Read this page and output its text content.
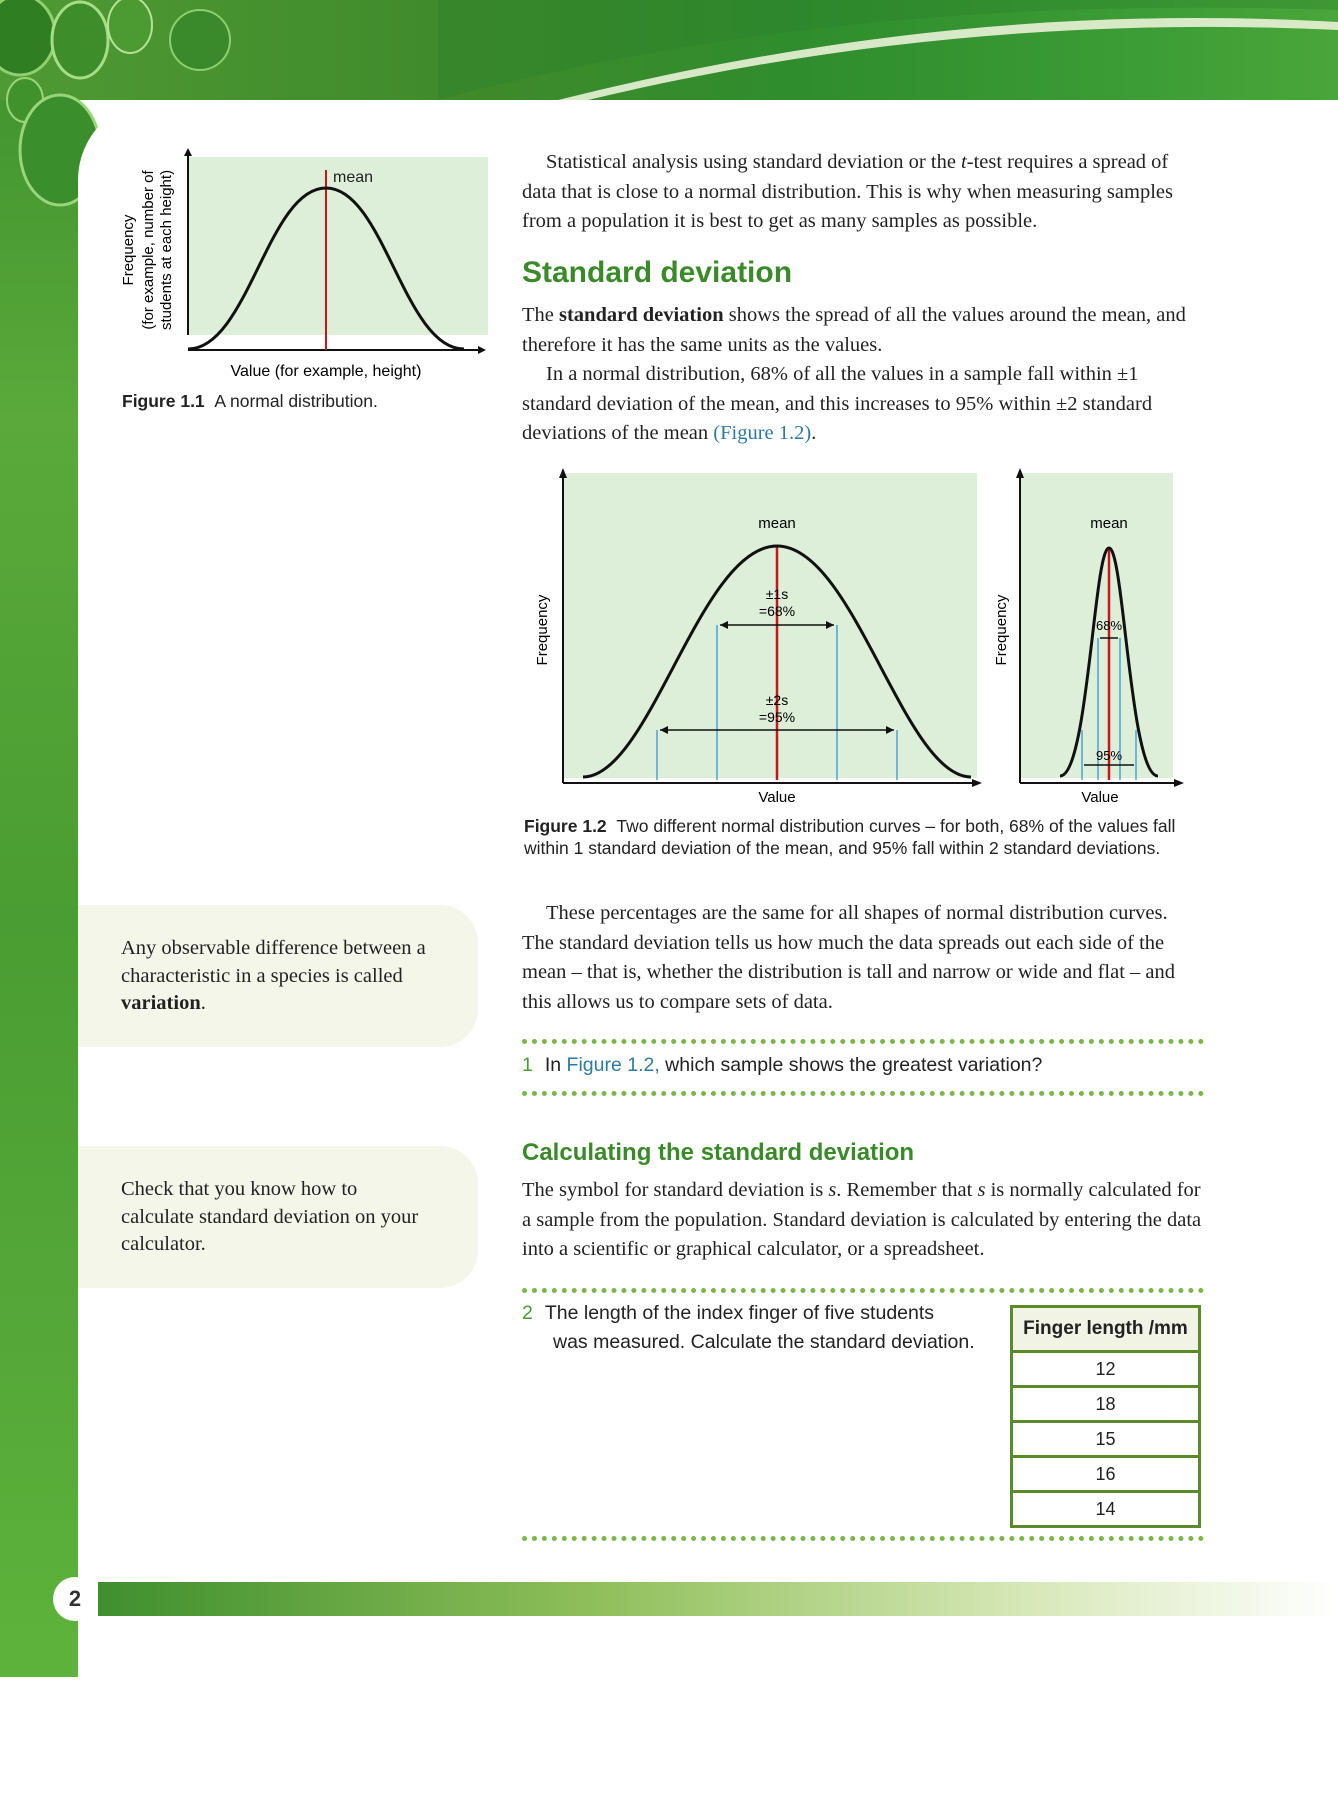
mean
Frequency (for example, number of students at each height)
Value (for example, height)
Figure 1.1 A normal distribution.

Statistical analysis using standard deviation or the t-test requires a spread of data that is close to a normal distribution. This is why when measuring samples from a population it is best to get as many samples as possible.

Standard deviation

The standard deviation shows the spread of all the values around the mean, and therefore it has the same units as the values.

In a normal distribution, 68% of all the values in a sample fall within ±1 standard deviation of the mean, and this increases to 95% within ±2 standard deviations of the mean (Figure 1.2).

mean
±1s
=68%
±2s
=95%
Frequency
Value
mean
68%
95%
Frequency
Value
Figure 1.2 Two different normal distribution curves – for both, 68% of the values fall
within 1 standard deviation of the mean, and 95% fall within 2 standard deviations.

These percentages are the same for all shapes of normal distribution curves. The standard deviation tells us how much the data spreads out each side of the mean – that is, whether the distribution is tall and narrow or wide and flat – and this allows us to compare sets of data.

Any observable difference between a characteristic in a species is called variation.

Check that you know how to calculate standard deviation on your calculator.

1 In Figure 1.2, which sample shows the greatest variation?
Calculating the standard deviation

The symbol for standard deviation is s. Remember that s is normally calculated for a sample from the population. Standard deviation is calculated by entering the data into a scientific or graphical calculator, or a spreadsheet.

2 The length of the index finger of five students
was measured. Calculate the standard deviation.
Finger length /mm
12
18
15
16
14
2
